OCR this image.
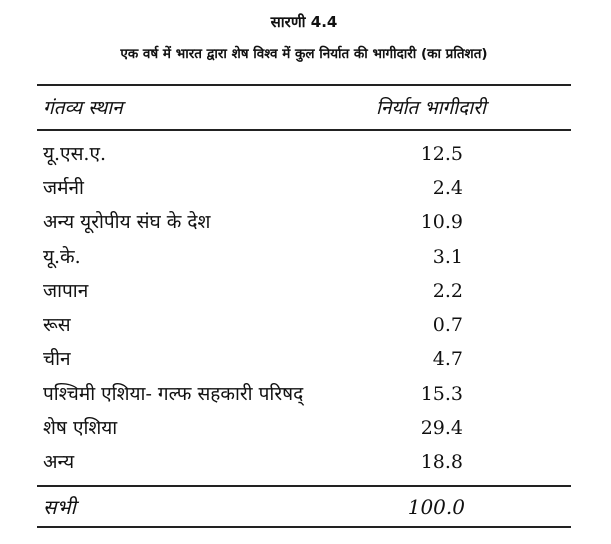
सारणी 4.4
एक वर्ष में भारत द्वारा शेष विश्व में कुल निर्यात की भागीदारी (का प्रतिशत)
गंतव्य स्थान	निर्यात भागीदारी
यू.एस.ए.	12.5
जर्मनी	2.4
अन्य यूरोपीय संघ के देश	10.9
यू.के.	3.1
जापान	2.2
रूस	0.7
चीन	4.7
पश्चिमी एशिया- गल्फ सहकारी परिषद्	15.3
शेष एशिया	29.4
अन्य	18.8
सभी	100.0
